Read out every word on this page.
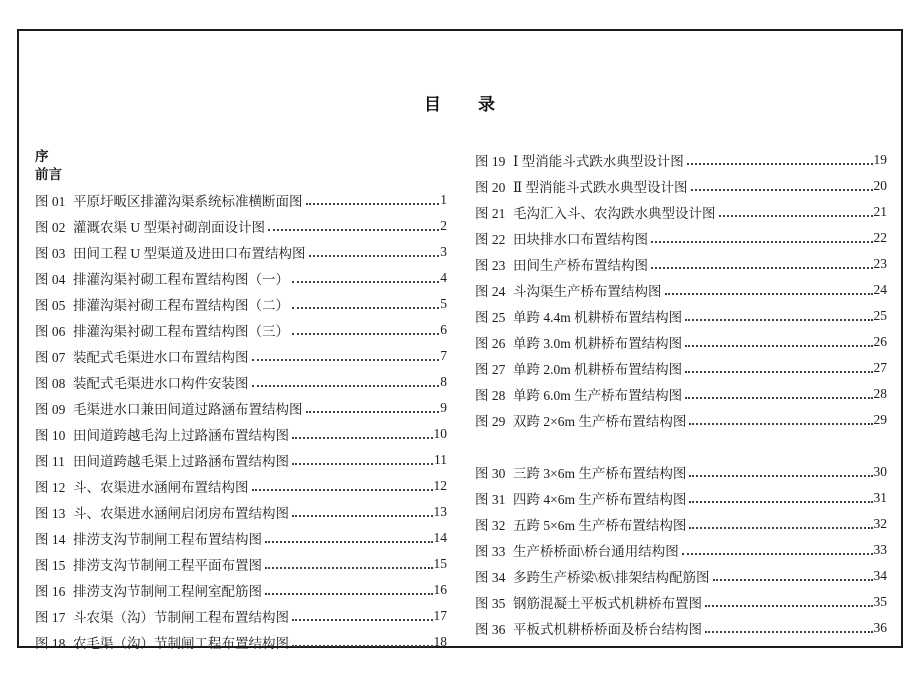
目　　录
序
前言
图 01 平原圩畈区排灌沟渠系统标准横断面图	1
图 02 灌溉农渠 U 型渠衬砌剖面设计图	2
图 03 田间工程 U 型渠道及进田口布置结构图	3
图 04 排灌沟渠衬砌工程布置结构图（一）	4
图 05 排灌沟渠衬砌工程布置结构图（二）	5
图 06 排灌沟渠衬砌工程布置结构图（三）	6
图 07 装配式毛渠进水口布置结构图	7
图 08 装配式毛渠进水口构件安装图	8
图 09 毛渠进水口兼田间道过路涵布置结构图	9
图 10 田间道跨越毛沟上过路涵布置结构图	10
图 11 田间道跨越毛渠上过路涵布置结构图	11
图 12 斗、农渠进水涵闸布置结构图	12
图 13 斗、农渠进水涵闸启闭房布置结构图	13
图 14 排涝支沟节制闸工程布置结构图	14
图 15 排涝支沟节制闸工程平面布置图	15
图 16 排涝支沟节制闸工程闸室配筋图	16
图 17 斗农渠（沟）节制闸工程布置结构图	17
图 18 农毛渠（沟）节制闸工程布置结构图	18
图 19 Ⅰ 型消能斗式跌水典型设计图	19
图 20 Ⅱ 型消能斗式跌水典型设计图	20
图 21 毛沟汇入斗、农沟跌水典型设计图	21
图 22 田块排水口布置结构图	22
图 23 田间生产桥布置结构图	23
图 24 斗沟渠生产桥布置结构图	24
图 25 单跨 4.4m 机耕桥布置结构图	25
图 26 单跨 3.0m 机耕桥布置结构图	26
图 27 单跨 2.0m 机耕桥布置结构图	27
图 28 单跨 6.0m 生产桥布置结构图	28
图 29 双跨 2×6m 生产桥布置结构图	29
图 30 三跨 3×6m 生产桥布置结构图	30
图 31 四跨 4×6m 生产桥布置结构图	31
图 32 五跨 5×6m 生产桥布置结构图	32
图 33 生产桥桥面\桥台通用结构图	33
图 34 多跨生产桥梁\板\排架结构配筋图	34
图 35 钢筋混凝土平板式机耕桥布置图	35
图 36 平板式机耕桥桥面及桥台结构图	36
